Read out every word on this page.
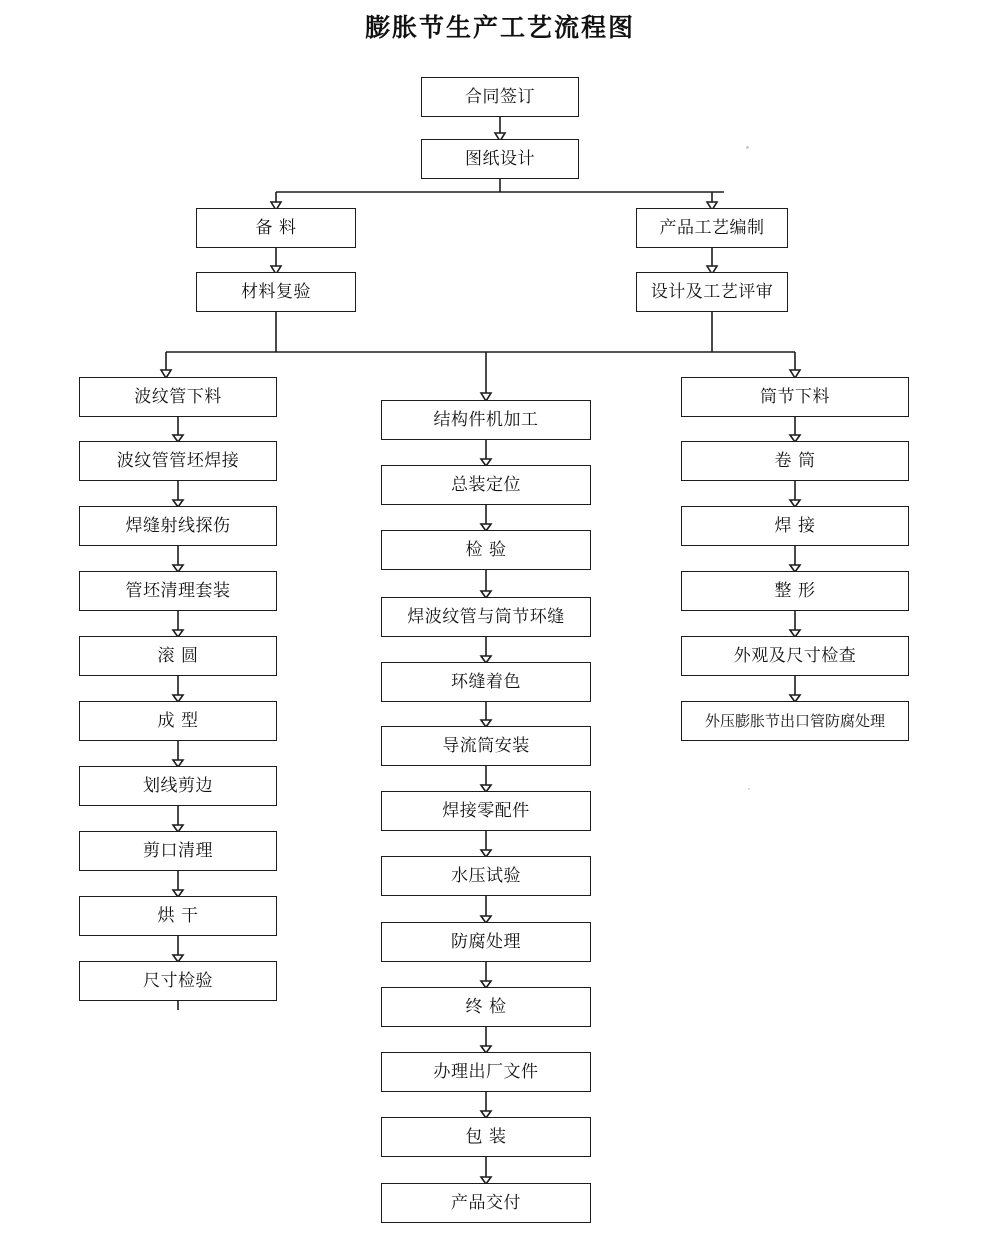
膨胀节生产工艺流程图
合同签订
图纸设计
备 料
材料复验
产品工艺编制
设计及工艺评审
波纹管下料
波纹管管坯焊接
焊缝射线探伤
管坯清理套装
滚 圆
成 型
划线剪边
剪口清理
烘 干
尺寸检验
结构件机加工
总装定位
检 验
焊波纹管与筒节环缝
环缝着色
导流筒安装
焊接零配件
水压试验
防腐处理
终 检
办理出厂文件
包 装
产品交付
筒节下料
卷 筒
焊 接
整 形
外观及尺寸检查
外压膨胀节出口管防腐处理
